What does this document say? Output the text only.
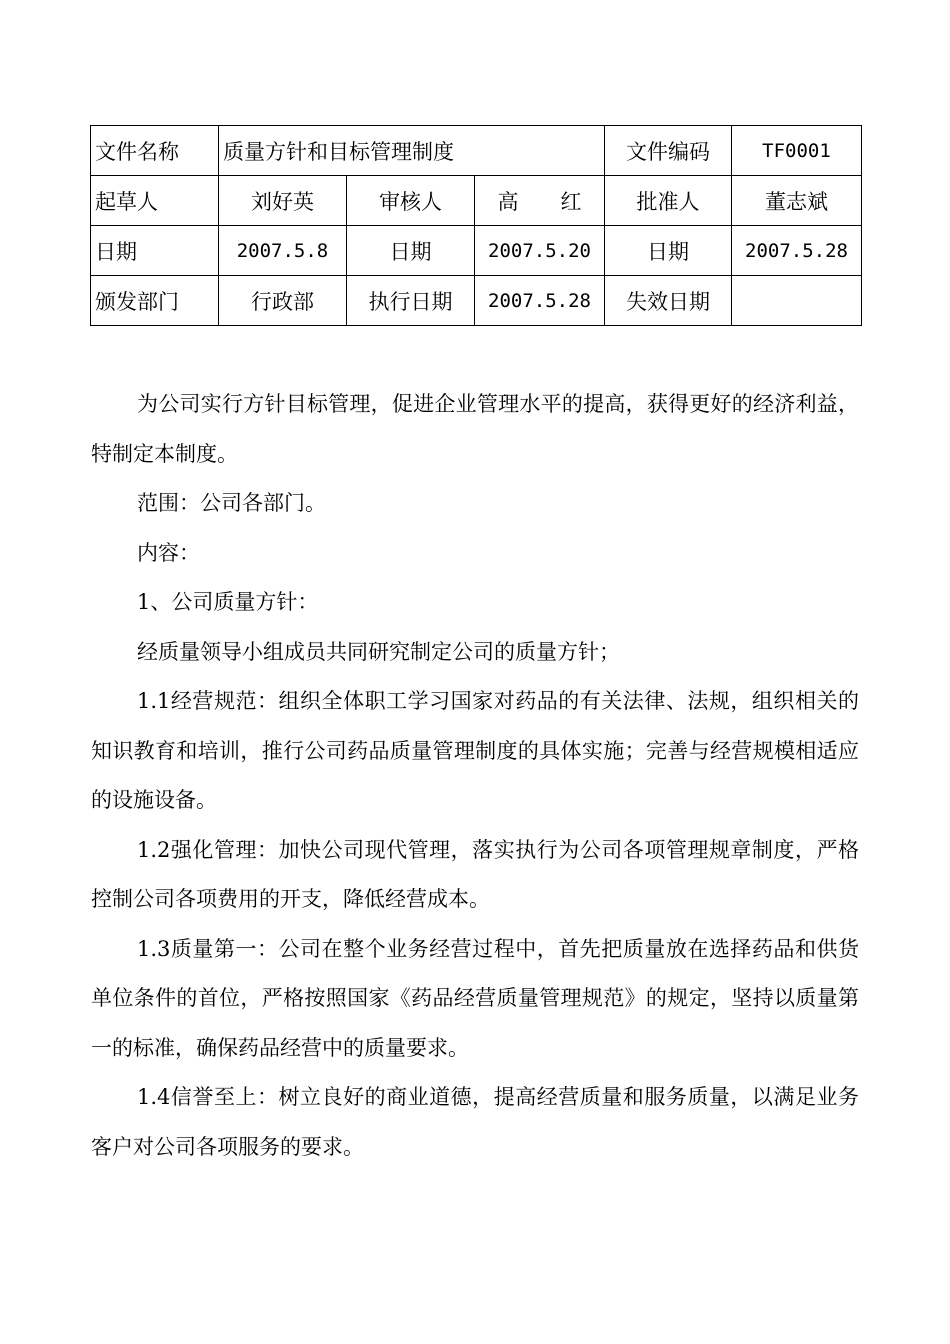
文件名称	质量方针和目标管理制度			文件编码	TF0001
起草人	刘好英	审核人	高　　红	批准人	董志斌
日期	2007.5.8	日期	2007.5.20	日期	2007.5.28
颁发部门	行政部	执行日期	2007.5.28	失效日期	

为公司实行方针目标管理，促进企业管理水平的提高，获得更好的经济利益，特制定本制度。

范围：公司各部门。

内容：

1、公司质量方针：

经质量领导小组成员共同研究制定公司的质量方针；

1.1经营规范：组织全体职工学习国家对药品的有关法律、法规，组织相关的知识教育和培训，推行公司药品质量管理制度的具体实施；完善与经营规模相适应的设施设备。

1.2强化管理：加快公司现代管理，落实执行为公司各项管理规章制度，严格控制公司各项费用的开支，降低经营成本。

1.3质量第一：公司在整个业务经营过程中，首先把质量放在选择药品和供货单位条件的首位，严格按照国家《药品经营质量管理规范》的规定，坚持以质量第一的标准，确保药品经营中的质量要求。

1.4信誉至上：树立良好的商业道德，提高经营质量和服务质量，以满足业务客户对公司各项服务的要求。
